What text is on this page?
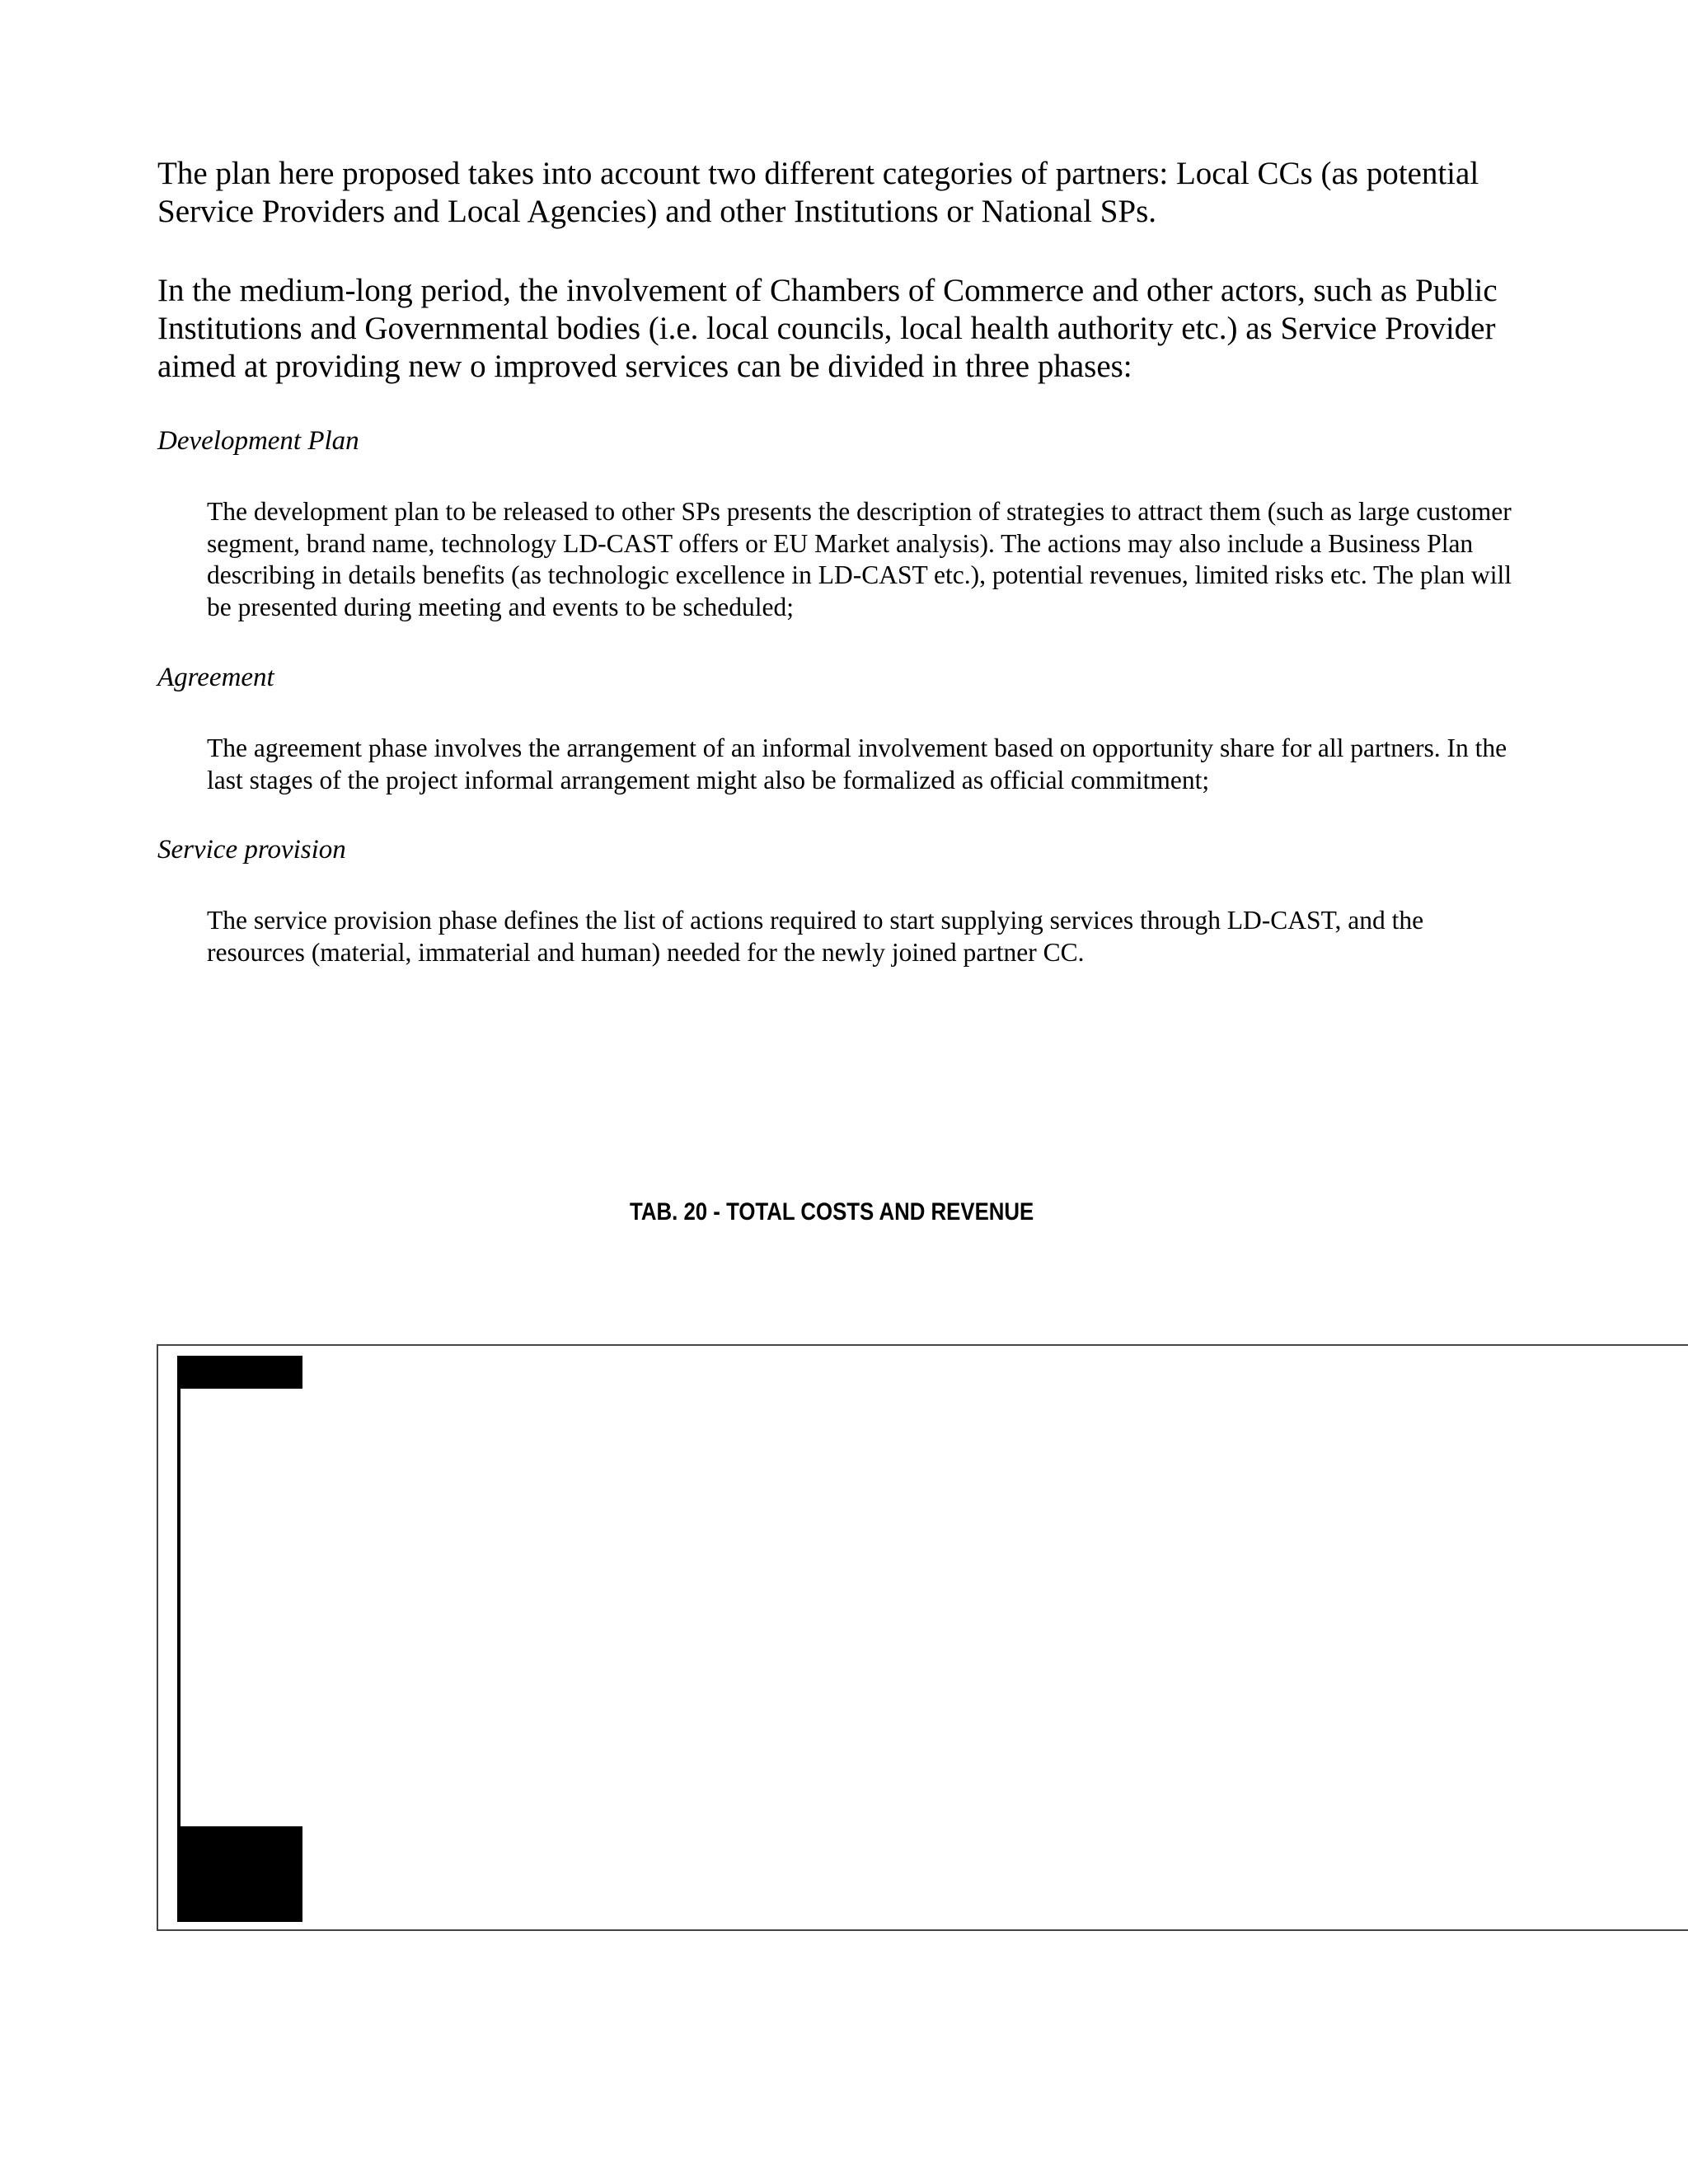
The plan here proposed takes into account two different categories of partners: Local CCs (as potential Service Providers and Local Agencies) and other Institutions or National SPs.

In the medium-long period, the involvement of Chambers of Commerce and other actors, such as Public Institutions and Governmental bodies (i.e. local councils, local health authority etc.) as Service Provider aimed at providing new o improved services can be divided in three phases:

Development Plan

The development plan to be released to other SPs presents the description of strategies to attract them (such as large customer segment, brand name, technology LD-CAST offers or EU Market analysis). The actions may also include a Business Plan describing in details benefits (as technologic excellence in LD-CAST etc.), potential revenues, limited risks etc. The plan will be presented during meeting and events to be scheduled;

Agreement

The agreement phase involves the arrangement of an informal involvement based on opportunity share for all partners. In the last stages of the project informal arrangement might also be formalized as official commitment;

Service provision

The service provision phase defines the list of actions required to start supplying services through LD-CAST, and the resources (material, immaterial and human) needed for the newly joined partner CC.

TAB. 20 - TOTAL COSTS AND REVENUE
